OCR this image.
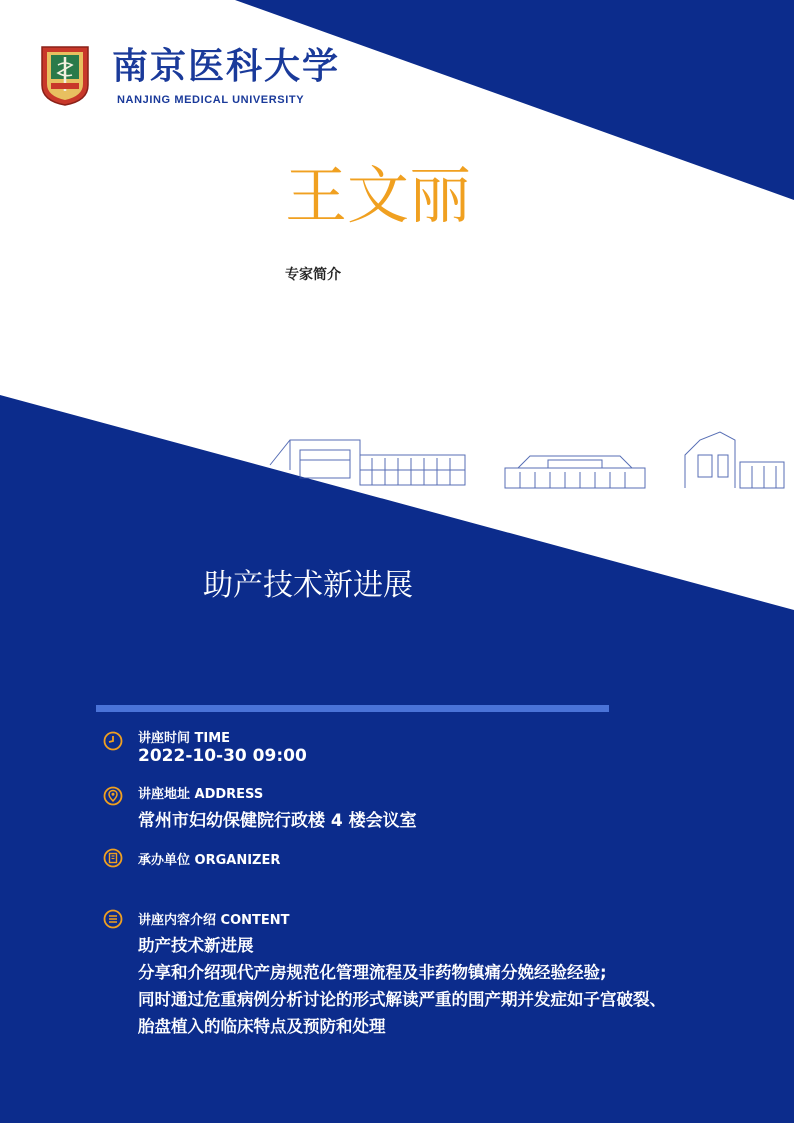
南京医科大学
NANJING MEDICAL UNIVERSITY
王文丽
专家简介
助产技术新进展
讲座时间 TIME
2022-10-30 09:00
讲座地址 ADDRESS
常州市妇幼保健院行政楼 4 楼会议室
承办单位 ORGANIZER
讲座内容介绍 CONTENT
助产技术新进展
分享和介绍现代产房规范化管理流程及非药物镇痛分娩经验经验;
同时通过危重病例分析讨论的形式解读严重的围产期并发症如子宫破裂、
胎盘植入的临床特点及预防和处理
